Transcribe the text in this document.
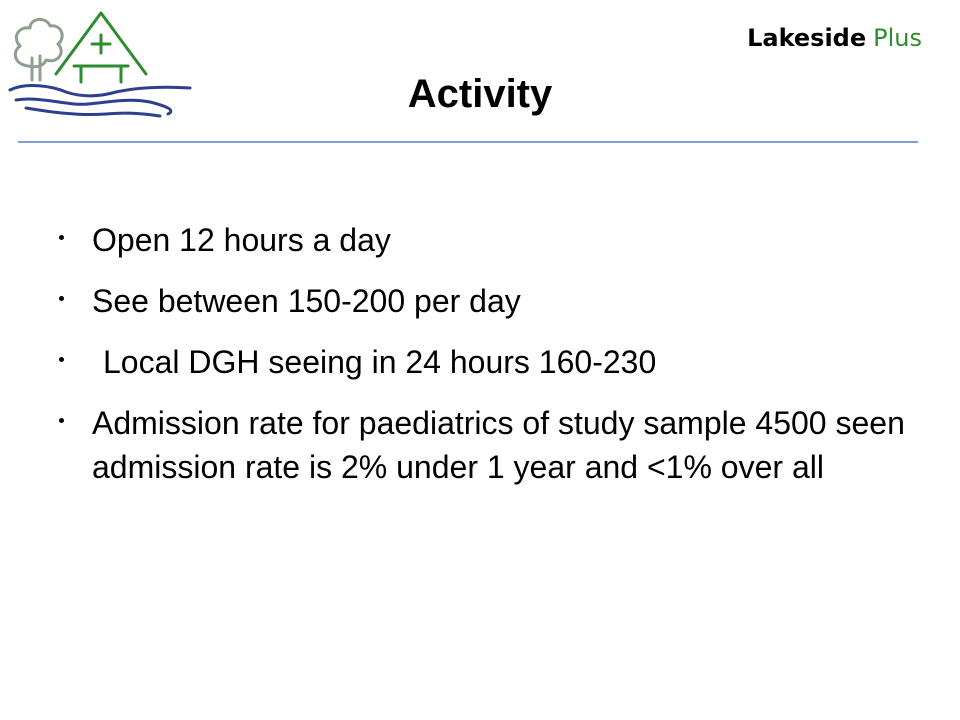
Lakeside Plus
Activity
Open 12 hours a day
See between 150-200 per day
Local DGH seeing in 24 hours 160-230
Admission rate for paediatrics of study sample 4500 seen admission rate is 2% under 1 year and <1% over all
